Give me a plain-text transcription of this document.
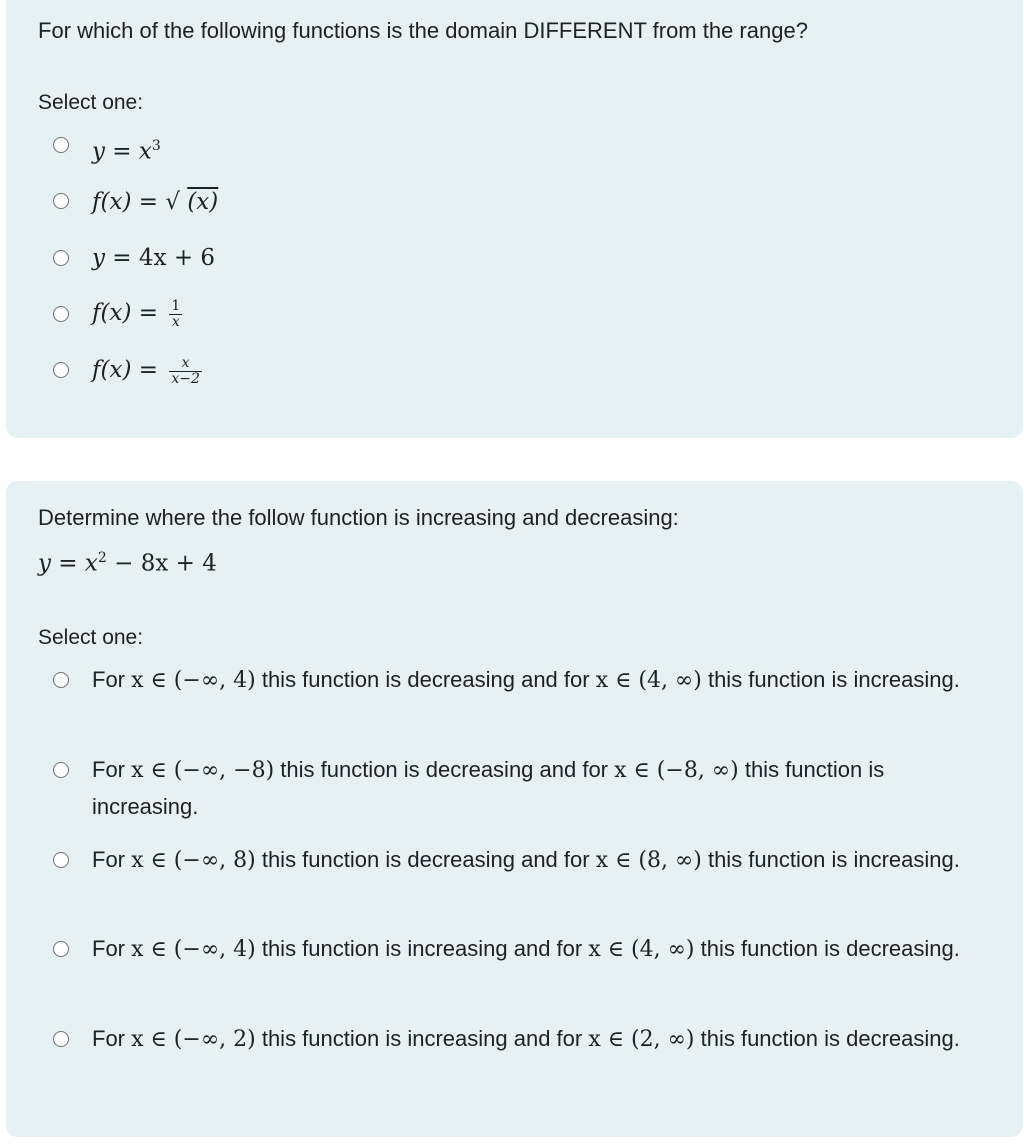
For which of the following functions is the domain DIFFERENT from the range?
Select one:
$y = x^3$
f(x) = √ (x)
y = 4x + 6
$f(x) = \frac{1}{x}$
$f(x) = \frac{x}{x-2}$
Determine where the follow function is increasing and decreasing:
$y = x^2 - 8x + 4$
Select one:
For x ∈ (−∞, 4) this function is decreasing and for x ∈ (4, ∞) this function is increasing.
For x ∈ (−∞, −8) this function is decreasing and for x ∈ (−8, ∞) this function is increasing.
For x ∈ (−∞, 8) this function is decreasing and for x ∈ (8, ∞) this function is increasing.
For x ∈ (−∞, 4) this function is increasing and for x ∈ (4, ∞) this function is decreasing.
For x ∈ (−∞, 2) this function is increasing and for x ∈ (2, ∞) this function is decreasing.
